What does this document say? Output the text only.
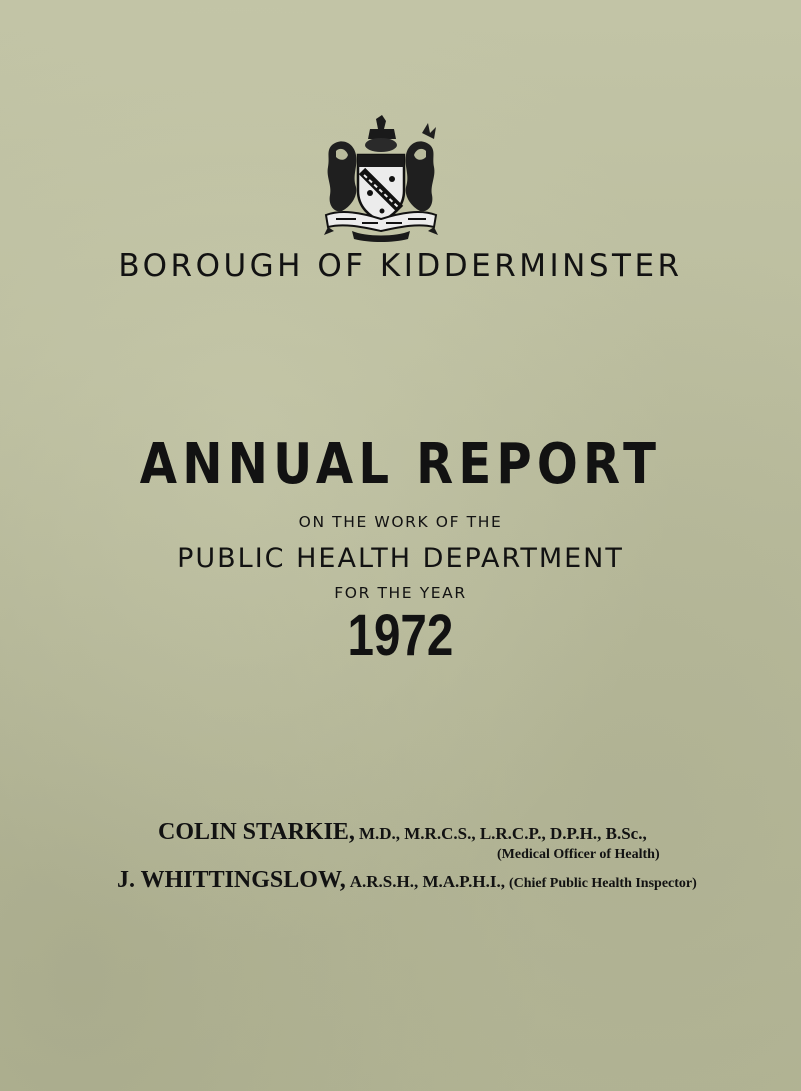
BOROUGH OF KIDDERMINSTER
ANNUAL REPORT
ON THE WORK OF THE
PUBLIC HEALTH DEPARTMENT
FOR THE YEAR
1972
COLIN STARKIE, M.D., M.R.C.S., L.R.C.P., D.P.H., B.Sc.,
(Medical Officer of Health)
J. WHITTINGSLOW, A.R.S.H., M.A.P.H.I., (Chief Public Health Inspector)
